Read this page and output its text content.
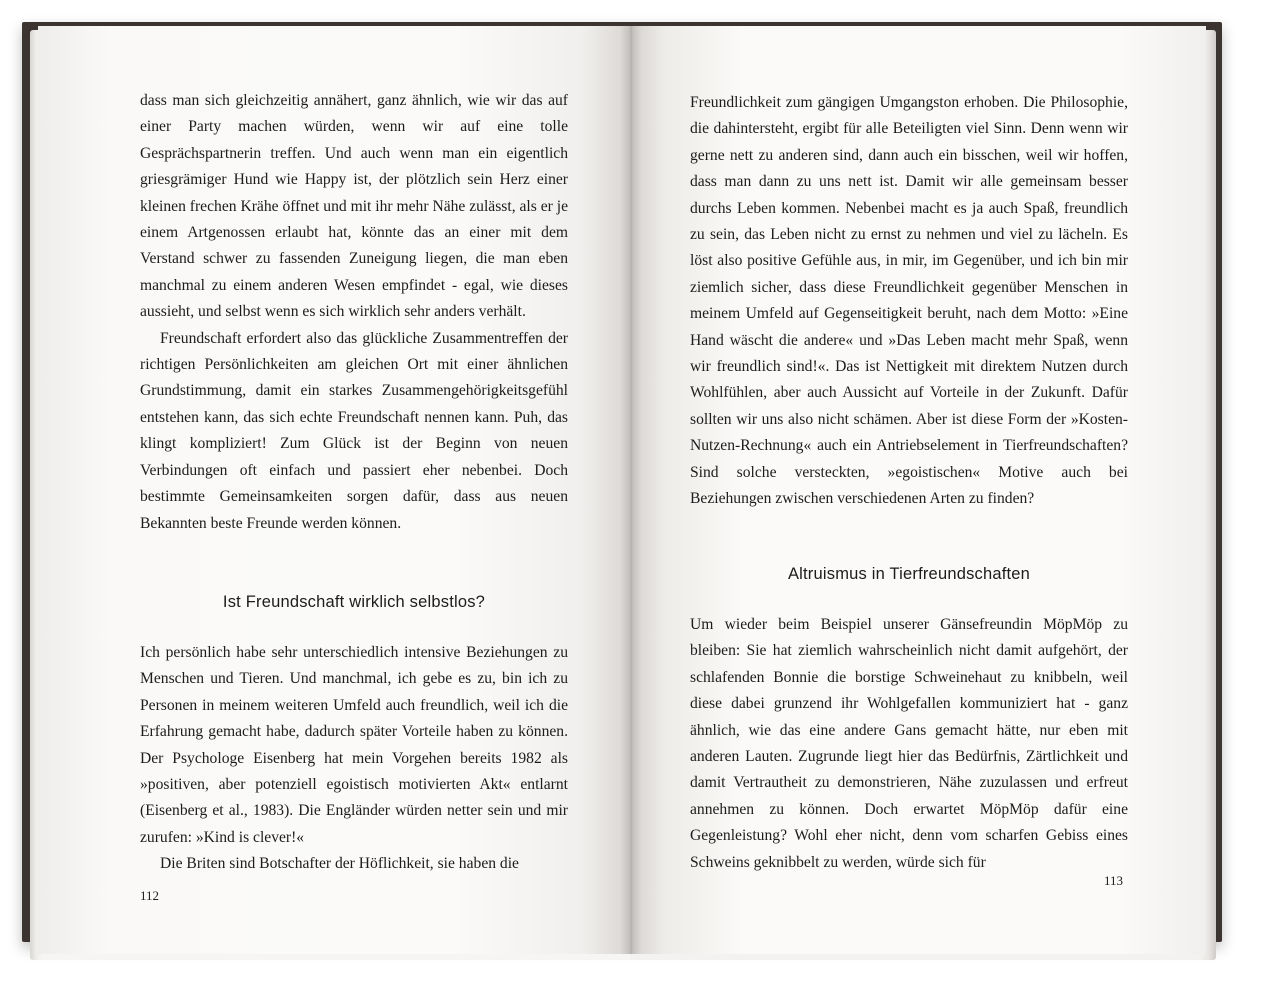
dass man sich gleichzeitig annähert, ganz ähnlich, wie wir das auf einer Party machen würden, wenn wir auf eine tolle Gesprächspartnerin treffen. Und auch wenn man ein eigentlich griesgrämiger Hund wie Happy ist, der plötzlich sein Herz einer kleinen frechen Krähe öffnet und mit ihr mehr Nähe zulässt, als er je einem Artgenossen erlaubt hat, könnte das an einer mit dem Verstand schwer zu fassenden Zuneigung liegen, die man eben manchmal zu einem anderen Wesen empfindet - egal, wie dieses aussieht, und selbst wenn es sich wirklich sehr anders verhält.

Freundschaft erfordert also das glückliche Zusammentreffen der richtigen Persönlichkeiten am gleichen Ort mit einer ähnlichen Grundstimmung, damit ein starkes Zusammengehörigkeitsgefühl entstehen kann, das sich echte Freundschaft nennen kann. Puh, das klingt kompliziert! Zum Glück ist der Beginn von neuen Verbindungen oft einfach und passiert eher nebenbei. Doch bestimmte Gemeinsamkeiten sorgen dafür, dass aus neuen Bekannten beste Freunde werden können.

Ist Freundschaft wirklich selbstlos?

Ich persönlich habe sehr unterschiedlich intensive Beziehungen zu Menschen und Tieren. Und manchmal, ich gebe es zu, bin ich zu Personen in meinem weiteren Umfeld auch freundlich, weil ich die Erfahrung gemacht habe, dadurch später Vorteile haben zu können. Der Psychologe Eisenberg hat mein Vorgehen bereits 1982 als »positiven, aber potenziell egoistisch motivierten Akt« entlarnt (Eisenberg et al., 1983). Die Engländer würden netter sein und mir zurufen: »Kind is clever!«

Die Briten sind Botschafter der Höflichkeit, sie haben die

112

Freundlichkeit zum gängigen Umgangston erhoben. Die Philosophie, die dahintersteht, ergibt für alle Beteiligten viel Sinn. Denn wenn wir gerne nett zu anderen sind, dann auch ein bisschen, weil wir hoffen, dass man dann zu uns nett ist. Damit wir alle gemeinsam besser durchs Leben kommen. Nebenbei macht es ja auch Spaß, freundlich zu sein, das Leben nicht zu ernst zu nehmen und viel zu lächeln. Es löst also positive Gefühle aus, in mir, im Gegenüber, und ich bin mir ziemlich sicher, dass diese Freundlichkeit gegenüber Menschen in meinem Umfeld auf Gegenseitigkeit beruht, nach dem Motto: »Eine Hand wäscht die andere« und »Das Leben macht mehr Spaß, wenn wir freundlich sind!«. Das ist Nettigkeit mit direktem Nutzen durch Wohlfühlen, aber auch Aussicht auf Vorteile in der Zukunft. Dafür sollten wir uns also nicht schämen. Aber ist diese Form der »Kosten-Nutzen-Rechnung« auch ein Antriebselement in Tierfreundschaften? Sind solche versteckten, »egoistischen« Motive auch bei Beziehungen zwischen verschiedenen Arten zu finden?

Altruismus in Tierfreundschaften

Um wieder beim Beispiel unserer Gänsefreundin MöpMöp zu bleiben: Sie hat ziemlich wahrscheinlich nicht damit aufgehört, der schlafenden Bonnie die borstige Schweinehaut zu knibbeln, weil diese dabei grunzend ihr Wohlgefallen kommuniziert hat - ganz ähnlich, wie das eine andere Gans gemacht hätte, nur eben mit anderen Lauten. Zugrunde liegt hier das Bedürfnis, Zärtlichkeit und damit Vertrautheit zu demonstrieren, Nähe zuzulassen und erfreut annehmen zu können. Doch erwartet MöpMöp dafür eine Gegenleistung? Wohl eher nicht, denn vom scharfen Gebiss eines Schweins geknibbelt zu werden, würde sich für

113
